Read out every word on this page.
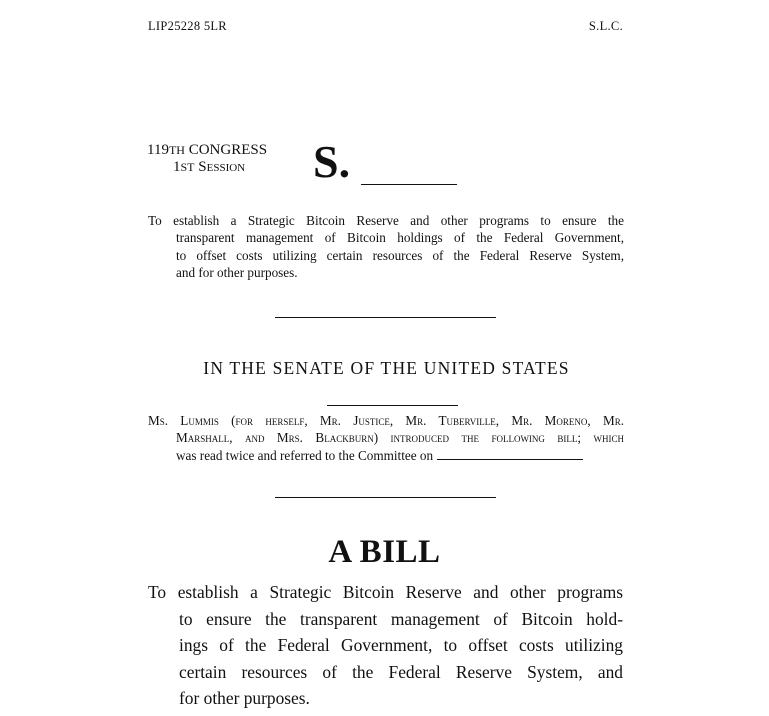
LIP25228 5LR	S.L.C.
119TH CONGRESS
1ST Session	S.
To establish a Strategic Bitcoin Reserve and other programs to ensure the
transparent management of Bitcoin holdings of the Federal Government,
to offset costs utilizing certain resources of the Federal Reserve System,
and for other purposes.
IN THE SENATE OF THE UNITED STATES
Ms. Lummis (for herself, Mr. Justice, Mr. Tuberville, Mr. Moreno, Mr.
Marshall, and Mrs. Blackburn) introduced the following bill; which
was read twice and referred to the Committee on
A BILL
To establish a Strategic Bitcoin Reserve and other programs
to ensure the transparent management of Bitcoin hold-
ings of the Federal Government, to offset costs utilizing
certain resources of the Federal Reserve System, and
for other purposes.
